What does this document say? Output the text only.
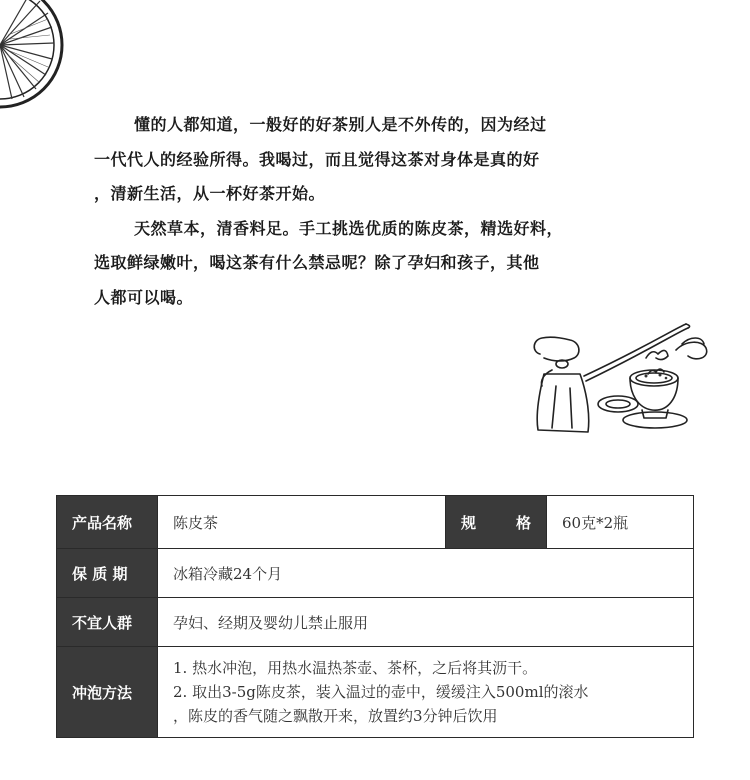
懂的人都知道，一般好的好茶别人是不外传的，因为经过

一代代人的经验所得。我喝过，而且觉得这茶对身体是真的好

，清新生活，从一杯好茶开始。

天然草本，清香料足。手工挑选优质的陈皮茶，精选好料，

选取鲜绿嫩叶，喝这茶有什么禁忌呢？除了孕妇和孩子，其他

人都可以喝。

产品名称	陈皮茶	规 格	60克*2瓶
保 质 期	冰箱冷藏24个月		
不宜人群	孕妇、经期及婴幼儿禁止服用		
冲泡方法	1. 热水冲泡，用热水温热茶壶、茶杯，之后将其沥干。
2. 取出3-5g陈皮茶，装入温过的壶中，缓缓注入500ml的滚水
，陈皮的香气随之飘散开来，放置约3分钟后饮用		
